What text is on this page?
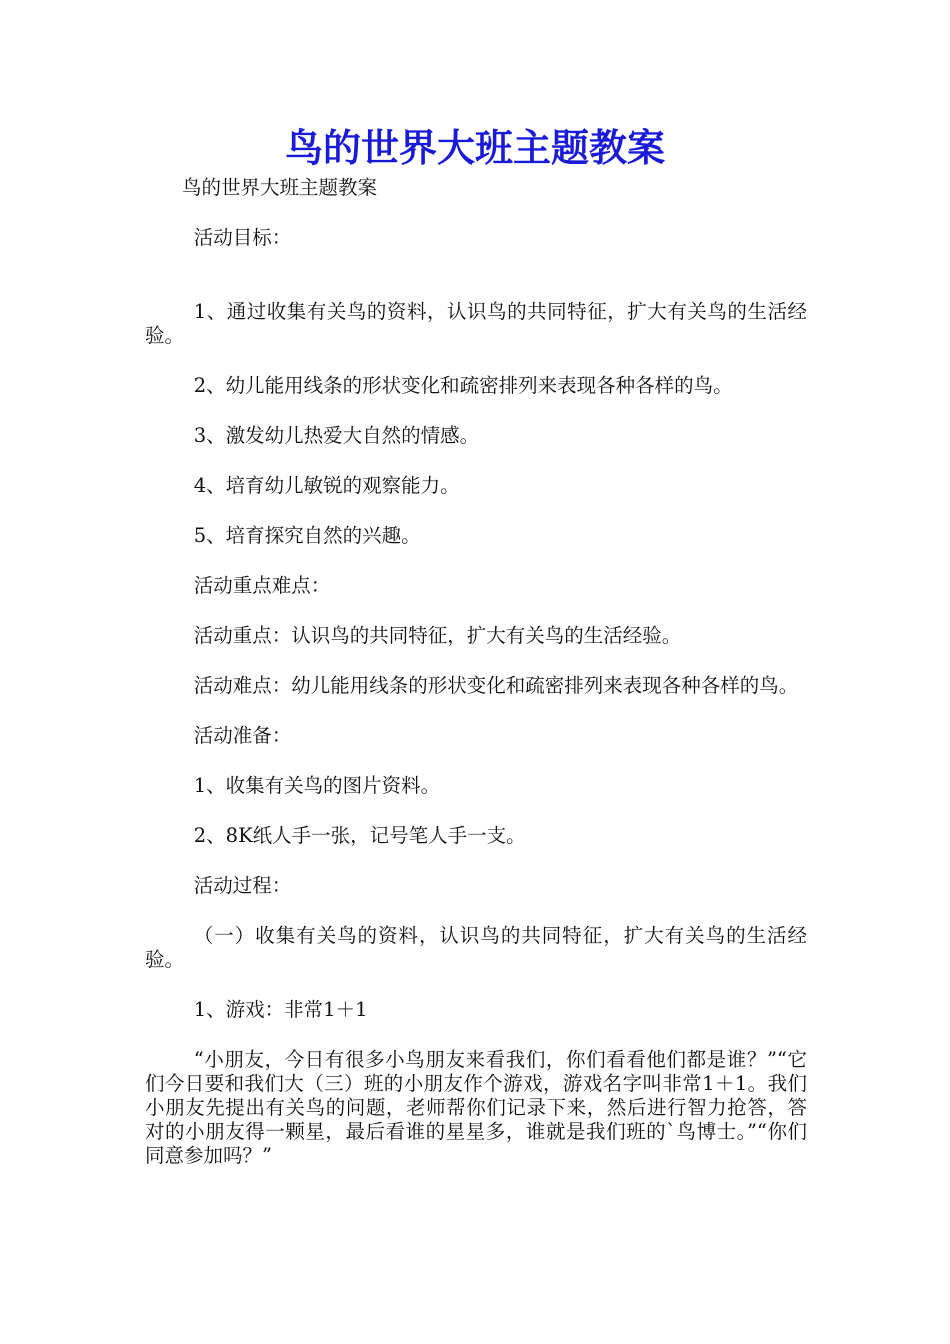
鸟的世界大班主题教案

鸟的世界大班主题教案

活动目标：

1、通过收集有关鸟的资料，认识鸟的共同特征，扩大有关鸟的生活经验。

2、幼儿能用线条的形状变化和疏密排列来表现各种各样的鸟。

3、激发幼儿热爱大自然的情感。

4、培育幼儿敏锐的观察能力。

5、培育探究自然的兴趣。

活动重点难点：

活动重点：认识鸟的共同特征，扩大有关鸟的生活经验。

活动难点：幼儿能用线条的形状变化和疏密排列来表现各种各样的鸟。

活动准备：

1、收集有关鸟的图片资料。

2、8K纸人手一张，记号笔人手一支。

活动过程：

（一）收集有关鸟的资料，认识鸟的共同特征，扩大有关鸟的生活经验。

1、游戏：非常1＋1

“小朋友，今日有很多小鸟朋友来看我们，你们看看他们都是谁？”“它们今日要和我们大（三）班的小朋友作个游戏，游戏名字叫非常1＋1。我们小朋友先提出有关鸟的问题，老师帮你们记录下来，然后进行智力抢答，答对的小朋友得一颗星，最后看谁的星星多，谁就是我们班的`鸟博士。”“你们同意参加吗？”
